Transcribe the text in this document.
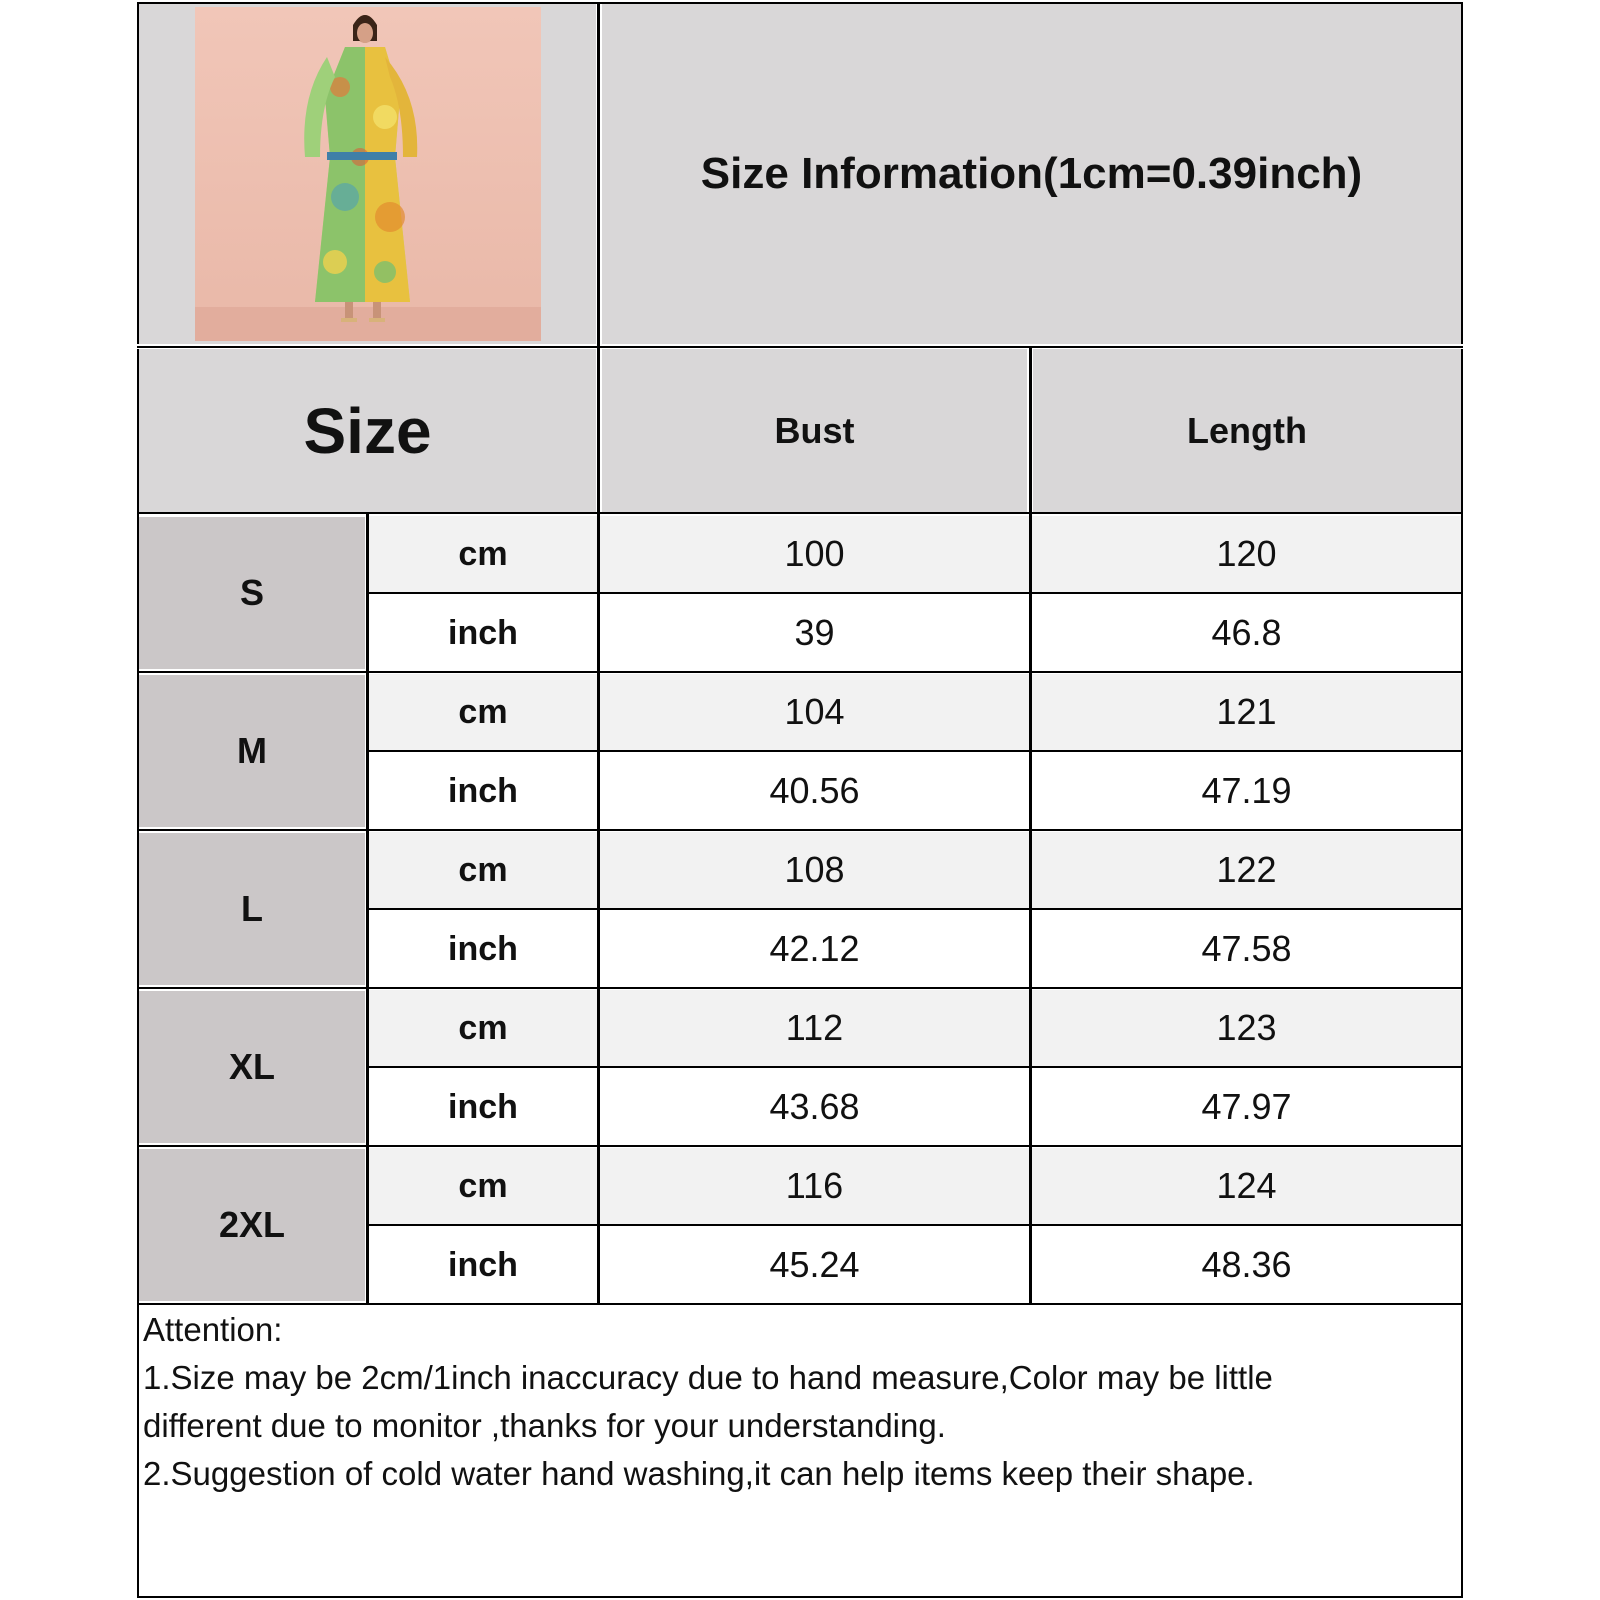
Size Information(1cm=0.39inch)
Size	Bust	Length
S
cm	100	120
inch	39	46.8
M
cm	104	121
inch	40.56	47.19
L
cm	108	122
inch	42.12	47.58
XL
cm	112	123
inch	43.68	47.97
2XL
cm	116	124
inch	45.24	48.36
Attention:
1.Size may be 2cm/1inch inaccuracy due to hand measure,Color may be little
different due to monitor ,thanks for your understanding.
2.Suggestion of cold water hand washing,it can help items keep their shape.
